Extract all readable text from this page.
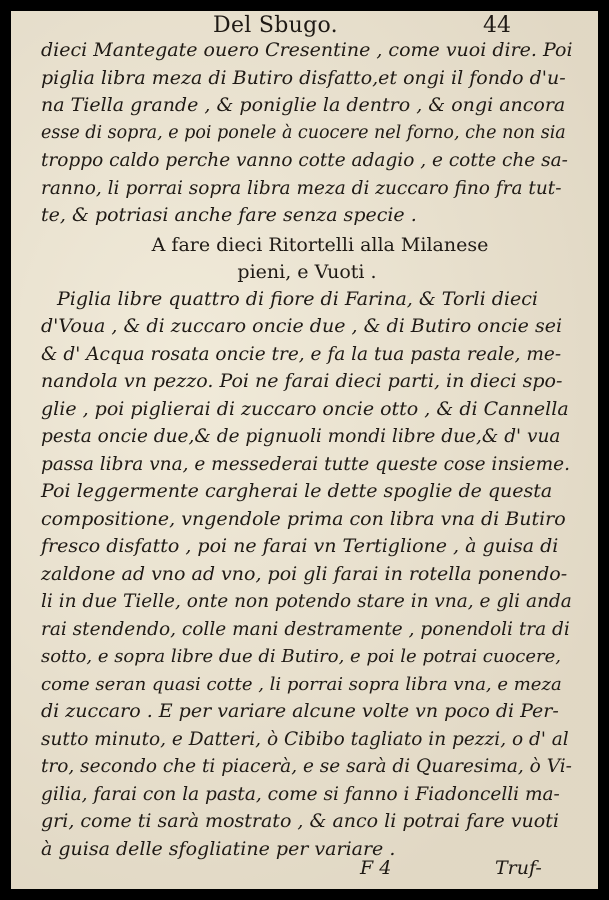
Del Sbugo.	44
dieci Mantegate ouero Cresentine , come vuoi dire. Poi
piglia libra meza di Butiro disfatto,et ongi il fondo d'u-
na Tiella grande , & poniglie la dentro , & ongi ancora
esse di sopra, e poi ponele à cuocere nel forno, che non sia
troppo caldo perche vanno cotte adagio , e cotte che sa-
ranno, li porrai sopra libra meza di zuccaro fino fra tut-
te, & potriasi anche fare senza specie .
A fare dieci Ritortelli alla Milanese
pieni, e Vuoti .
Piglia libre quattro di fiore di Farina, & Torli dieci
d'Voua , & di zuccaro oncie due , & di Butiro oncie sei
& d' Acqua rosata oncie tre, e fa la tua pasta reale, me-
nandola vn pezzo. Poi ne farai dieci parti, in dieci spo-
glie , poi piglierai di zuccaro oncie otto , & di Cannella
pesta oncie due,& de pignuoli mondi libre due,& d' vua
passa libra vna, e messederai tutte queste cose insieme.
Poi leggermente cargherai le dette spoglie de questa
compositione, vngendole prima con libra vna di Butiro
fresco disfatto , poi ne farai vn Tertiglione , à guisa di
zaldone ad vno ad vno, poi gli farai in rotella ponendo-
li in due Tielle, onte non potendo stare in vna, e gli anda
rai stendendo, colle mani destramente , ponendoli tra di
sotto, e sopra libre due di Butiro, e poi le potrai cuocere,
come seran quasi cotte , li porrai sopra libra vna, e meza
di zuccaro . E per variare alcune volte vn poco di Per-
sutto minuto, e Datteri, ò Cibibo tagliato in pezzi, o d' al
tro, secondo che ti piacerà, e se sarà di Quaresima, ò Vi-
gilia, farai con la pasta, come si fanno i Fiadoncelli ma-
gri, come ti sarà mostrato , & anco li potrai fare vuoti
à guisa delle sfogliatine per variare .
F 4	Truf-
